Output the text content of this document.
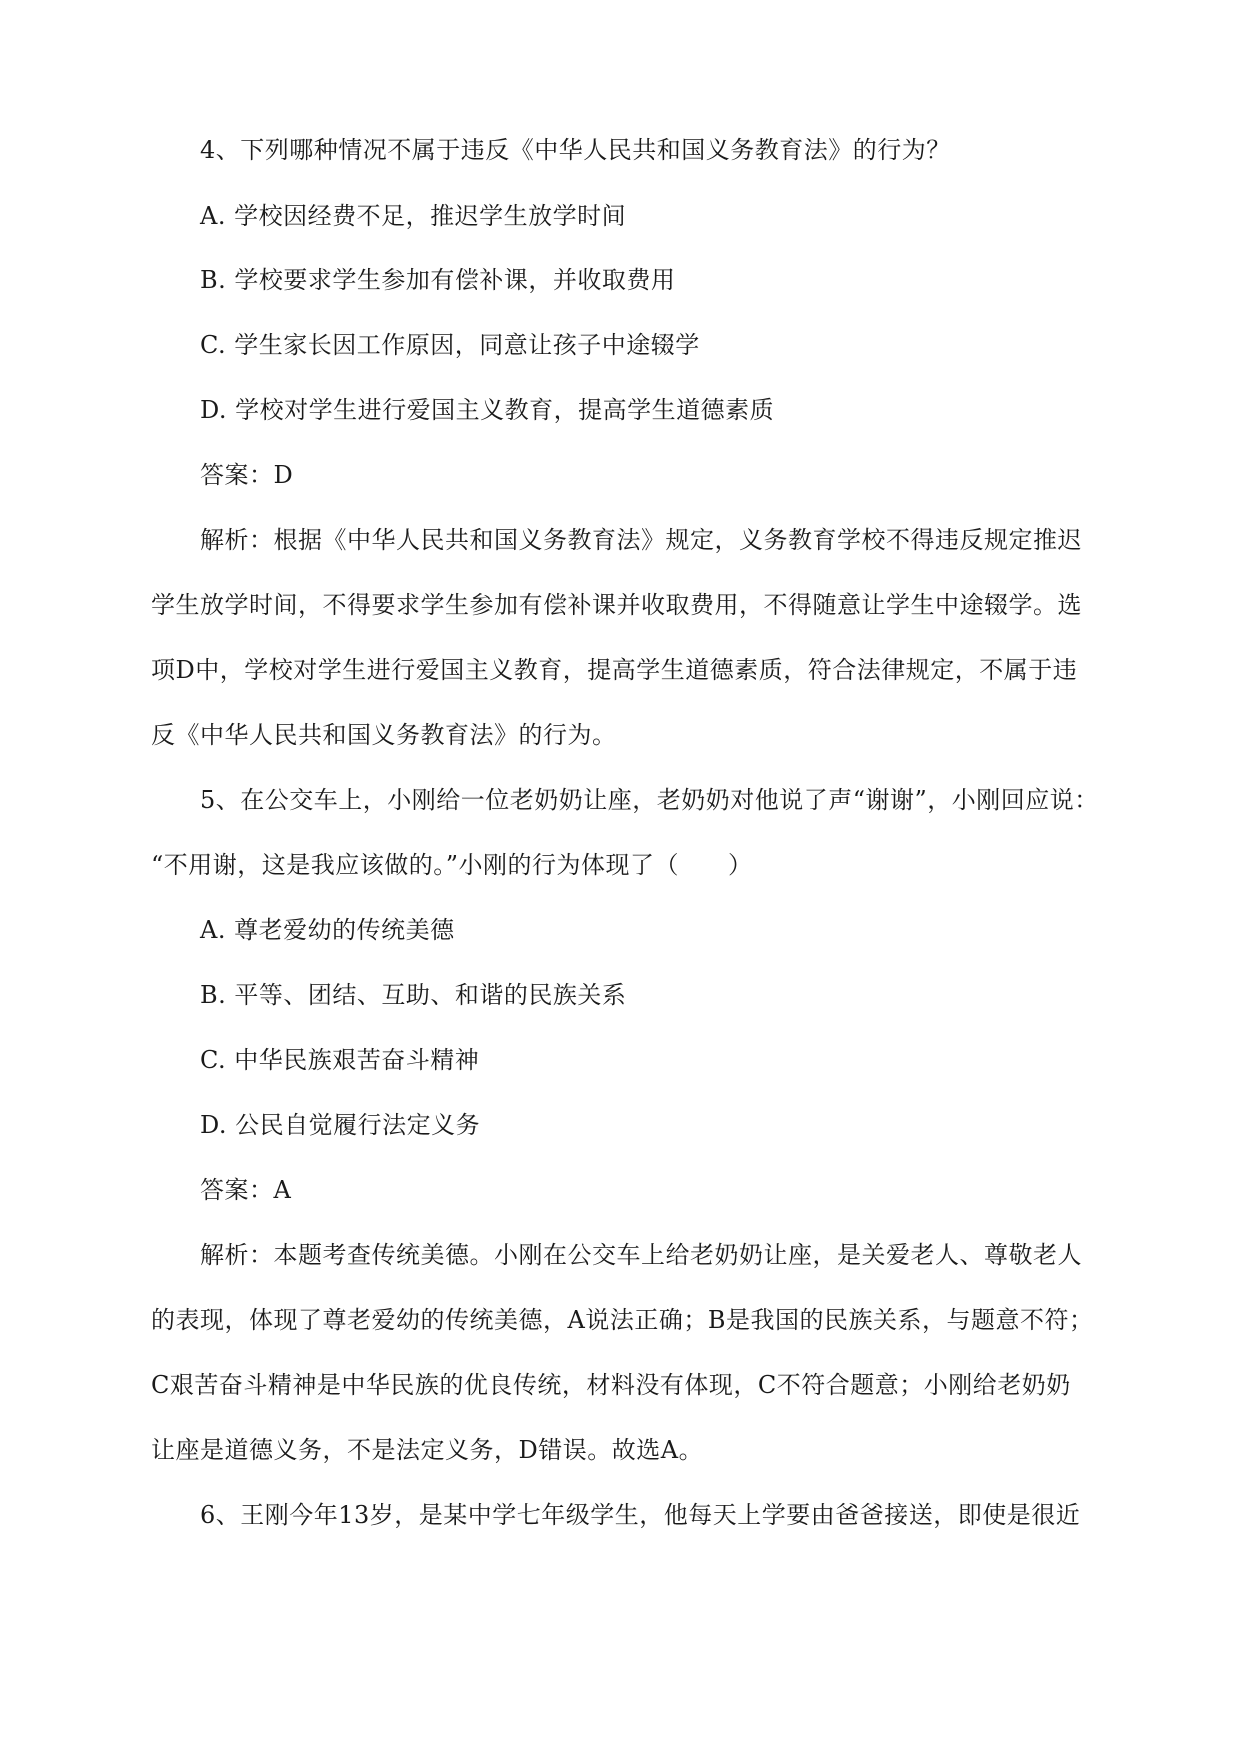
4、下列哪种情况不属于违反《中华人民共和国义务教育法》的行为？

A. 学校因经费不足，推迟学生放学时间

B. 学校要求学生参加有偿补课，并收取费用

C. 学生家长因工作原因，同意让孩子中途辍学

D. 学校对学生进行爱国主义教育，提高学生道德素质

答案：D

解析：根据《中华人民共和国义务教育法》规定，义务教育学校不得违反规定推迟

学生放学时间，不得要求学生参加有偿补课并收取费用，不得随意让学生中途辍学。选

项D中，学校对学生进行爱国主义教育，提高学生道德素质，符合法律规定，不属于违

反《中华人民共和国义务教育法》的行为。

5、在公交车上，小刚给一位老奶奶让座，老奶奶对他说了声“谢谢”，小刚回应说：

“不用谢，这是我应该做的。”小刚的行为体现了（　　）

A. 尊老爱幼的传统美德

B. 平等、团结、互助、和谐的民族关系

C. 中华民族艰苦奋斗精神

D. 公民自觉履行法定义务

答案：A

解析：本题考查传统美德。小刚在公交车上给老奶奶让座，是关爱老人、尊敬老人

的表现，体现了尊老爱幼的传统美德，A说法正确；B是我国的民族关系，与题意不符；

C艰苦奋斗精神是中华民族的优良传统，材料没有体现，C不符合题意；小刚给老奶奶

让座是道德义务，不是法定义务，D错误。故选A。

6、王刚今年13岁，是某中学七年级学生，他每天上学要由爸爸接送，即使是很近
